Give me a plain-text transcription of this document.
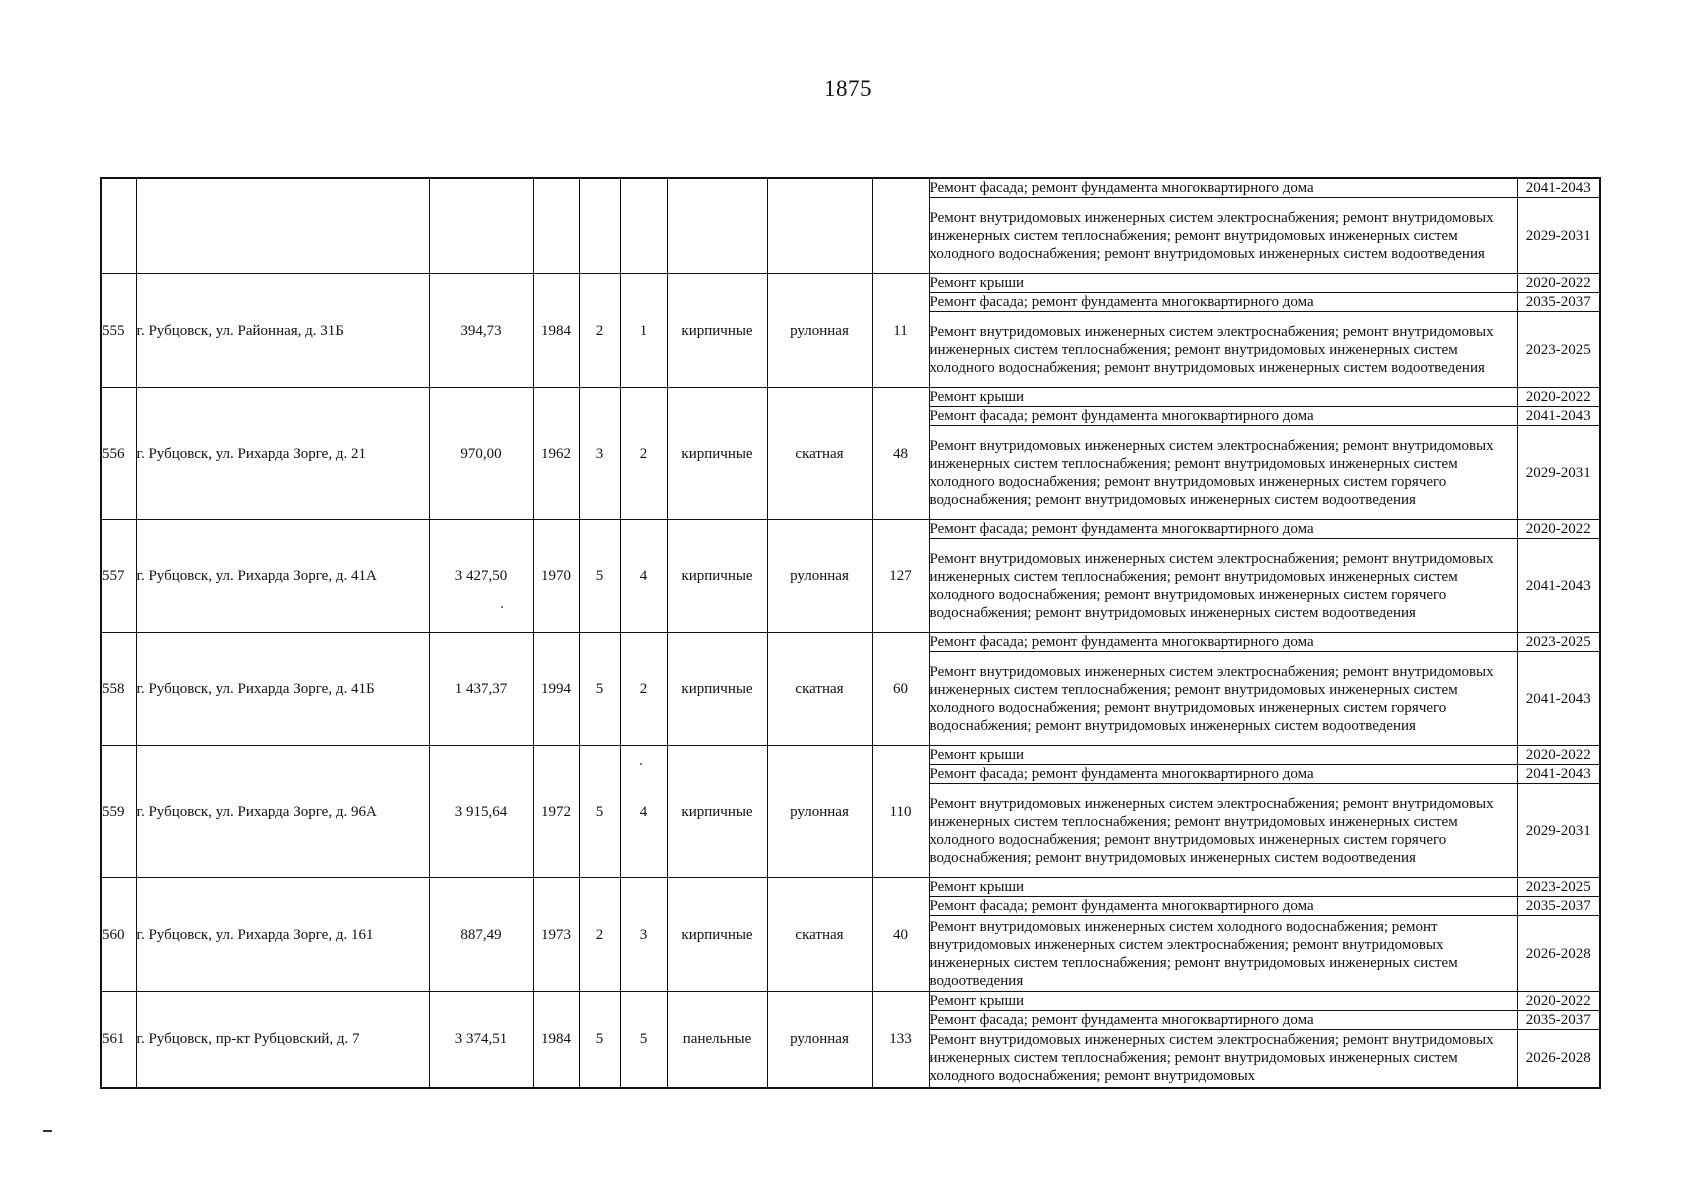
1875
									Ремонт фасада; ремонт фундамента многоквартирного дома	2041-2043
									Ремонт внутридомовых инженерных систем электроснабжения; ремонт внутридомовых инженерных систем теплоснабжения; ремонт внутридомовых инженерных систем холодного водоснабжения; ремонт внутридомовых инженерных систем водоотведения	2029-2031
555	г. Рубцовск, ул. Районная, д. 31Б	394,73	1984	2	1	кирпичные	рулонная	11	Ремонт крыши	2020-2022
									Ремонт фасада; ремонт фундамента многоквартирного дома	2035-2037
									Ремонт внутридомовых инженерных систем электроснабжения; ремонт внутридомовых инженерных систем теплоснабжения; ремонт внутридомовых инженерных систем холодного водоснабжения; ремонт внутридомовых инженерных систем водоотведения	2023-2025
556	г. Рубцовск, ул. Рихарда Зорге, д. 21	970,00	1962	3	2	кирпичные	скатная	48	Ремонт крыши	2020-2022
									Ремонт фасада; ремонт фундамента многоквартирного дома	2041-2043
									Ремонт внутридомовых инженерных систем электроснабжения; ремонт внутридомовых инженерных систем теплоснабжения; ремонт внутридомовых инженерных систем холодного водоснабжения; ремонт внутридомовых инженерных систем горячего водоснабжения; ремонт внутридомовых инженерных систем водоотведения	2029-2031
557	г. Рубцовск, ул. Рихарда Зорге, д. 41А	3 427,50	1970	5	4	кирпичные	рулонная	127	Ремонт фасада; ремонт фундамента многоквартирного дома	2020-2022
									Ремонт внутридомовых инженерных систем электроснабжения; ремонт внутридомовых инженерных систем теплоснабжения; ремонт внутридомовых инженерных систем холодного водоснабжения; ремонт внутридомовых инженерных систем горячего водоснабжения; ремонт внутридомовых инженерных систем водоотведения	2041-2043
558	г. Рубцовск, ул. Рихарда Зорге, д. 41Б	1 437,37	1994	5	2	кирпичные	скатная	60	Ремонт фасада; ремонт фундамента многоквартирного дома	2023-2025
									Ремонт внутридомовых инженерных систем электроснабжения; ремонт внутридомовых инженерных систем теплоснабжения; ремонт внутридомовых инженерных систем холодного водоснабжения; ремонт внутридомовых инженерных систем горячего водоснабжения; ремонт внутридомовых инженерных систем водоотведения	2041-2043
559	г. Рубцовск, ул. Рихарда Зорге, д. 96А	3 915,64	1972	5	4	кирпичные	рулонная	110	Ремонт крыши	2020-2022
									Ремонт фасада; ремонт фундамента многоквартирного дома	2041-2043
									Ремонт внутридомовых инженерных систем электроснабжения; ремонт внутридомовых инженерных систем теплоснабжения; ремонт внутридомовых инженерных систем холодного водоснабжения; ремонт внутридомовых инженерных систем горячего водоснабжения; ремонт внутридомовых инженерных систем водоотведения	2029-2031
560	г. Рубцовск, ул. Рихарда Зорге, д. 161	887,49	1973	2	3	кирпичные	скатная	40	Ремонт крыши	2023-2025
									Ремонт фасада; ремонт фундамента многоквартирного дома	2035-2037
									Ремонт внутридомовых инженерных систем холодного водоснабжения; ремонт внутридомовых инженерных систем электроснабжения; ремонт внутридомовых инженерных систем теплоснабжения; ремонт внутридомовых инженерных систем водоотведения	2026-2028
561	г. Рубцовск, пр-кт Рубцовский, д. 7	3 374,51	1984	5	5	панельные	рулонная	133	Ремонт крыши	2020-2022
									Ремонт фасада; ремонт фундамента многоквартирного дома	2035-2037
									Ремонт внутридомовых инженерных систем электроснабжения; ремонт внутридомовых инженерных систем теплоснабжения; ремонт внутридомовых инженерных систем холодного водоснабжения; ремонт внутридомовых	2026-2028
